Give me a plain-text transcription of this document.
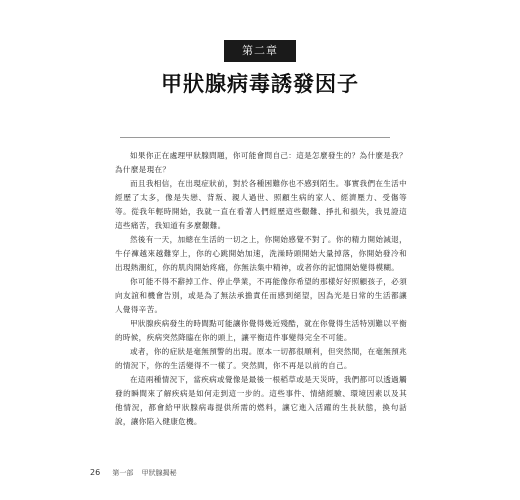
第二章
甲狀腺病毒誘發因子

如果你正在處理甲狀腺問題，你可能會問自己：這是怎麼發生的？為什麼是我？為什麼是現在？

而且我相信，在出現症狀前，對於各種困難你也不感到陌生。事實我們在生活中經歷了太多，像是失戀、背叛、親人過世、照顧生病的家人、經濟壓力、受傷等等。從我年輕時開始，我就一直在看著人們經歷這些艱難、掙扎和損失，我見證這這些痛苦，我知道有多麼艱難。

然後有一天，加總在生活的一切之上，你開始感覺不對了。你的精力開始減退，牛仔褲越來越難穿上，你的心跳開始加速，洗澡時頭開始大量掉落，你開始發冷和出現熱潮紅，你的肌肉開始疼痛，你無法集中精神，或者你的記憶開始變得模糊。

你可能不得不辭掉工作、停止學業，不再能像你希望的那樣好好照顧孩子，必須向友誼和機會告別，或是為了無法承擔責任而感到絕望，因為光是日常的生活都讓人覺得辛苦。

甲狀腺疾病發生的時間點可能讓你覺得幾近殘酷，就在你覺得生活特別難以平衡的時候，疾病突然降臨在你的頭上，讓平衡這件事變得完全不可能。

或者，你的症狀是毫無預警的出現。原本一切都很順利，但突然間，在毫無預兆的情況下，你的生活變得不一樣了。突然間，你不再是以前的自己。

在這兩種情況下，當疾病或覺像是最後一根稻草或是天災時，我們都可以透過觸發的瞬間來了解疾病是如何走到這一步的。這些事件、情緒經驗、環境因素以及其他情況，都會給甲狀腺病毒提供所需的燃料，讓它進入活躍的生長狀態，換句話說，讓你陷入健康危機。

26 第一部 甲狀腺揭秘
